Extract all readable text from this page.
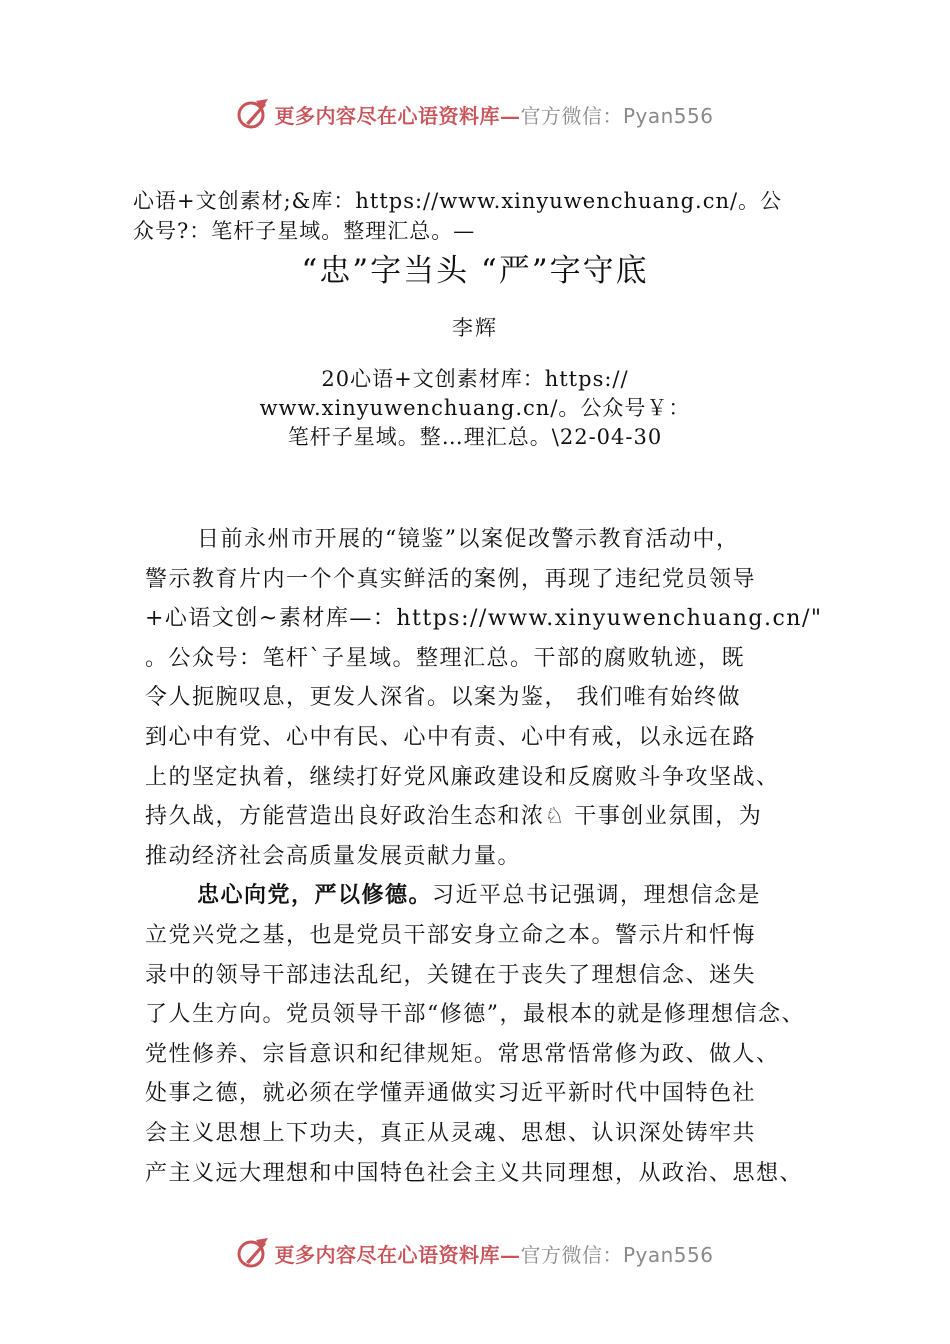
更多内容尽在心语资料库— 官方微信：Pyan556
心语+文创素材;&库：https://www.xinyuwenchuang.cn/。公
众号?：笔杆子星域。整理汇总。—
“忠”字当头 “严”字守底
李辉
20心语+文创素材库：https://
www.xinyuwenchuang.cn/。公众号￥：
笔杆子星域。整…理汇总。\22-04-30
日前永州市开展的“镜鉴”以案促改警示教育活动中，
警示教育片内一个个真实鲜活的案例，再现了违纪党员领导
+心语文创~素材库—：https://www.xinyuwenchuang.cn/"
。公众号：笔杆`子星域。整理汇总。干部的腐败轨迹，既
令人扼腕叹息，更发人深省。以案为鉴， 我们唯有始终做
到心中有党、心中有民、心中有责、心中有戒，以永远在路
上的坚定执着，继续打好党风廉政建设和反腐败斗争攻坚战、
持久战，方能营造出良好政治生态和浓♘ 干事创业氛围，为
推动经济社会高质量发展贡献力量。
忠心向党，严以修德。习近平总书记强调，理想信念是
立党兴党之基，也是党员干部安身立命之本。警示片和忏悔
录中的领导干部违法乱纪，关键在于丧失了理想信念、迷失
了人生方向。党员领导干部“修德”，最根本的就是修理想信念、
党性修养、宗旨意识和纪律规矩。常思常悟常修为政、做人、
处事之德，就必须在学懂弄通做实习近平新时代中国特色社
会主义思想上下功夫，真正从灵魂、思想、认识深处铸牢共
产主义远大理想和中国特色社会主义共同理想，从政治、思想、
更多内容尽在心语资料库— 官方微信：Pyan556
